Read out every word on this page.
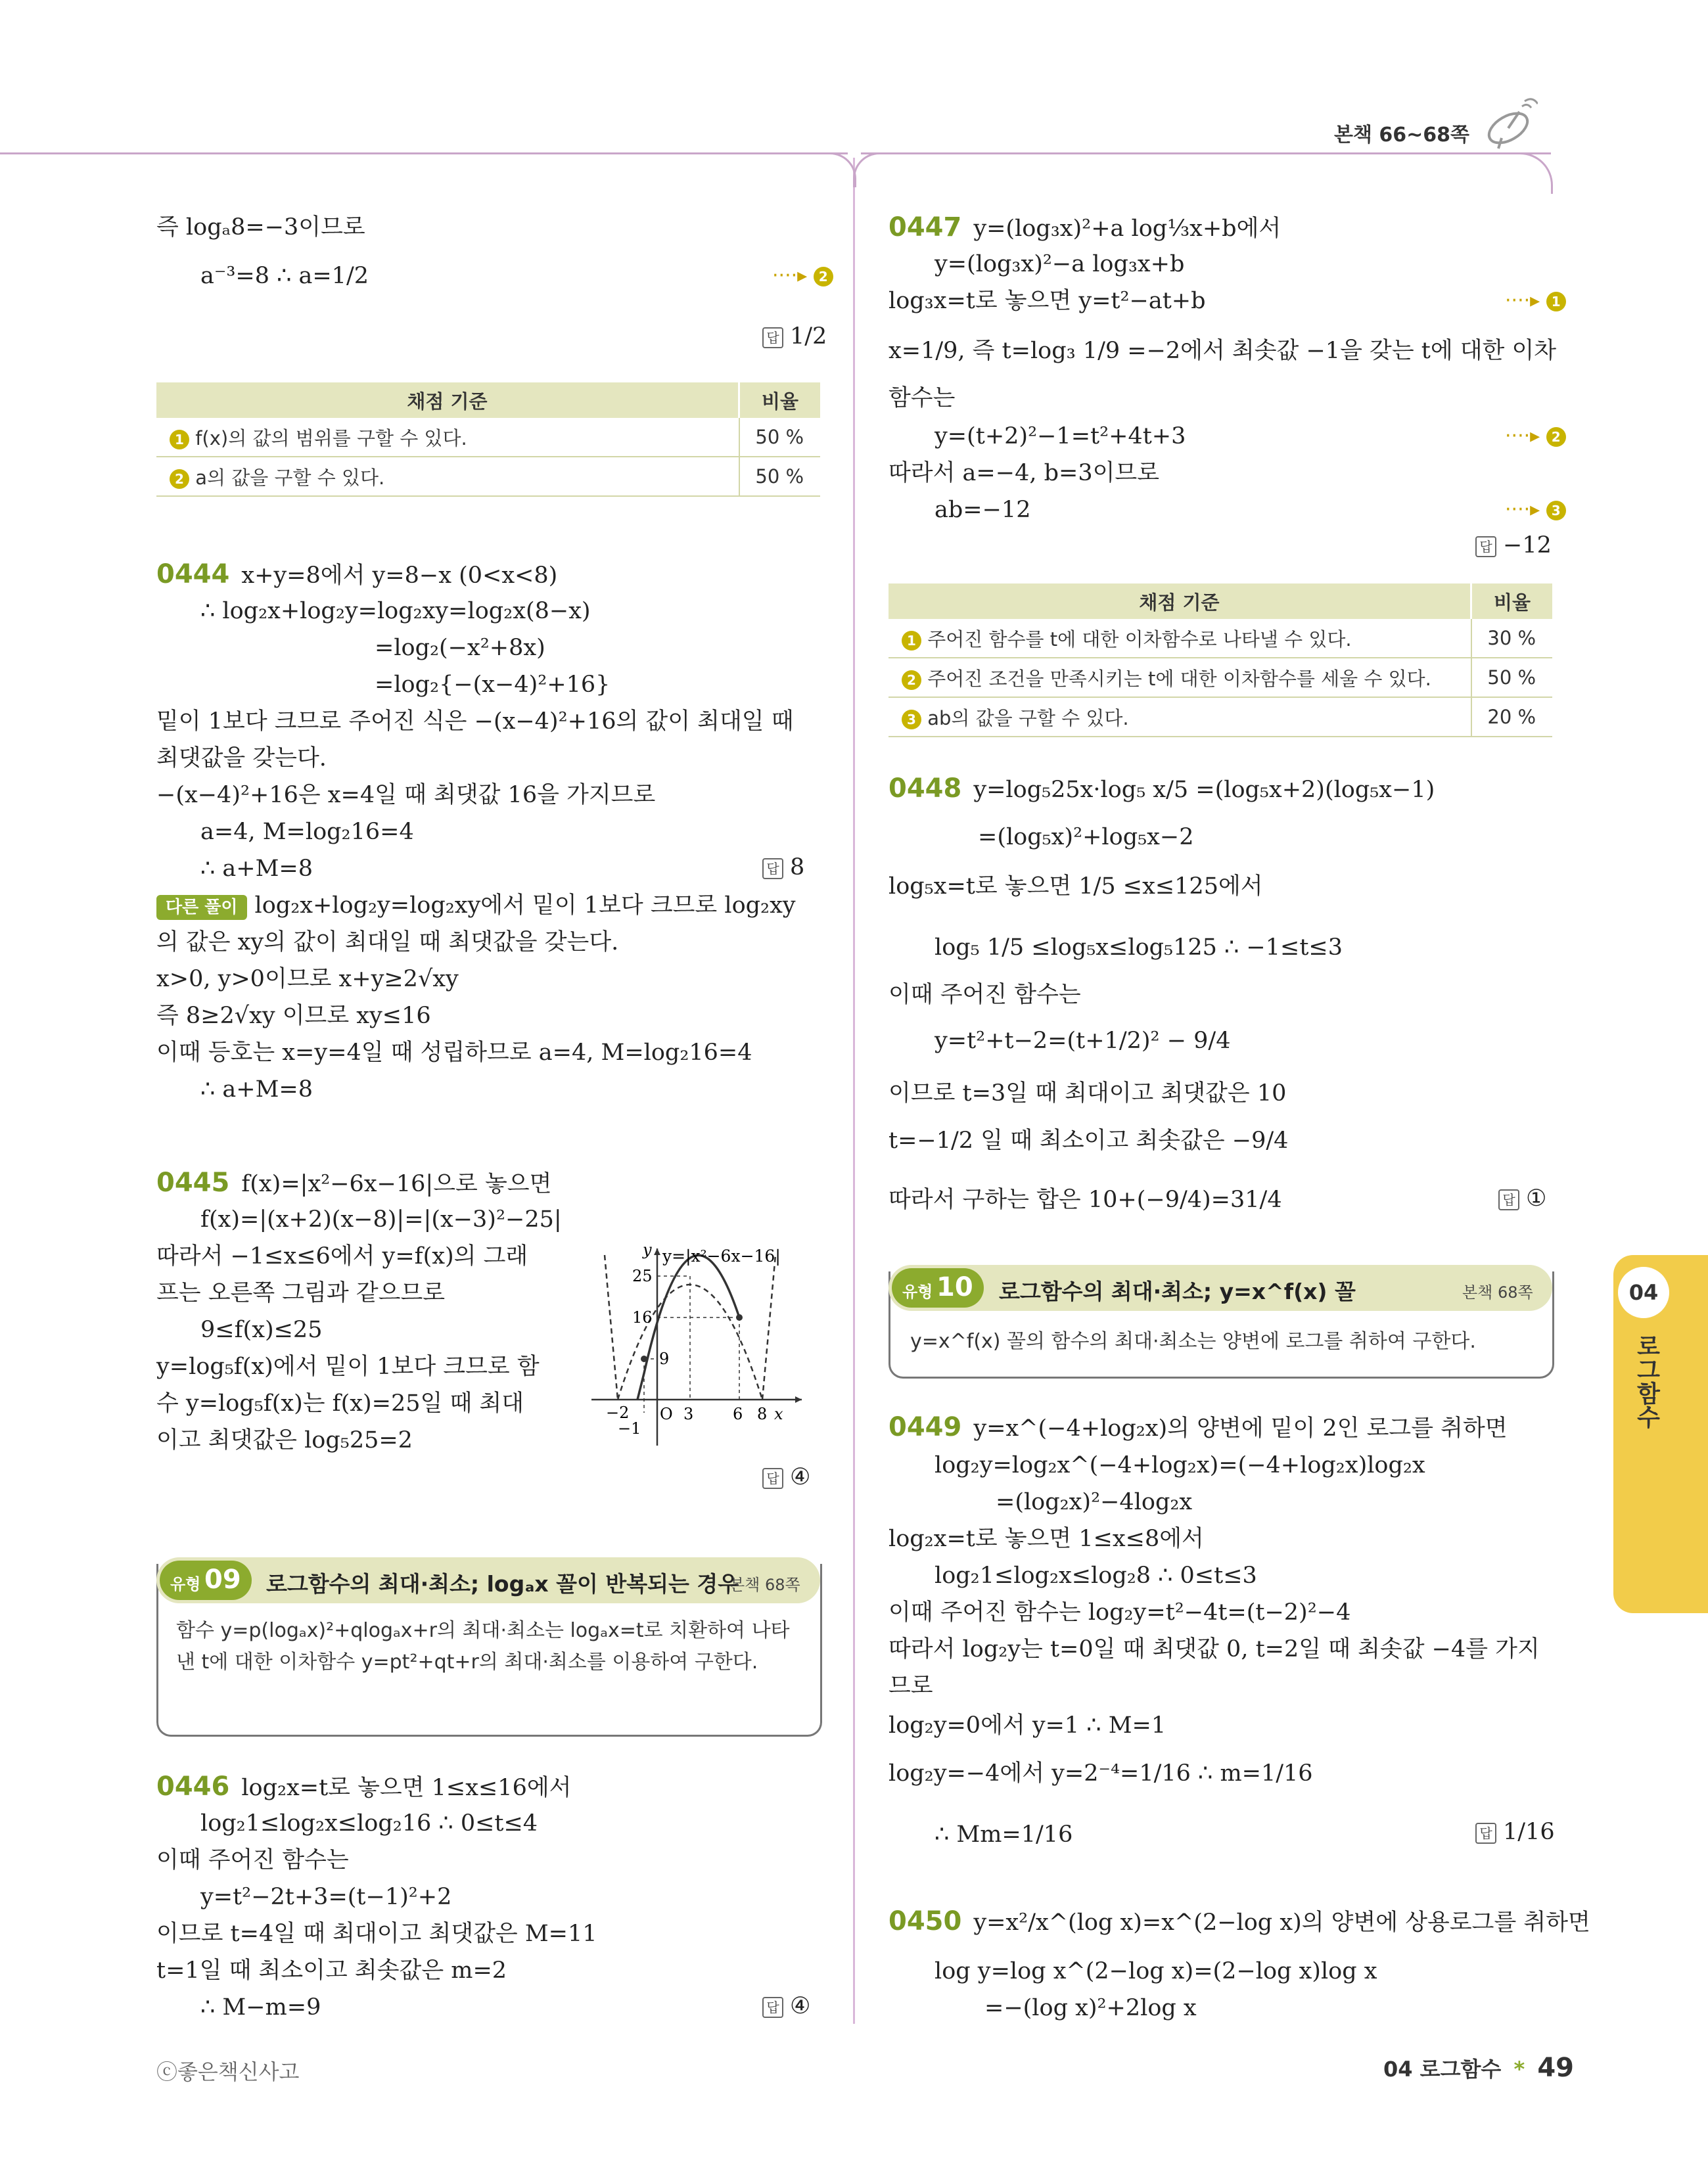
본책 66~68쪽
04
로그함수
즉 logₐ8=−3이므로
a⁻³=8 ∴ a=1/2	····▸ 2
답 1/2
채점 기준	비율
1 f(x)의 값의 범위를 구할 수 있다.	50 %
2 a의 값을 구할 수 있다.	50 %
0444 x+y=8에서 y=8−x (0<x<8)
∴ log₂x+log₂y=log₂xy=log₂x(8−x)
=log₂(−x²+8x)
=log₂{−(x−4)²+16}
밑이 1보다 크므로 주어진 식은 −(x−4)²+16의 값이 최대일 때
최댓값을 갖는다.
−(x−4)²+16은 x=4일 때 최댓값 16을 가지므로
a=4, M=log₂16=4
∴ a+M=8	답 8
다른 풀이 log₂x+log₂y=log₂xy에서 밑이 1보다 크므로 log₂xy
의 값은 xy의 값이 최대일 때 최댓값을 갖는다.
x>0, y>0이므로 x+y≥2√xy
즉 8≥2√xy 이므로 xy≤16
이때 등호는 x=y=4일 때 성립하므로 a=4, M=log₂16=4
∴ a+M=8
0445 f(x)=|x²−6x−16|으로 놓으면
f(x)=|(x+2)(x−8)|=|(x−3)²−25|
따라서 −1≤x≤6에서 y=f(x)의 그래
프는 오른쪽 그림과 같으므로
9≤f(x)≤25
y=log₅f(x)에서 밑이 1보다 크므로 함
수 y=log₅f(x)는 f(x)=25일 때 최대
이고 최댓값은 log₅25=2
답 ④
y y=|x²−6x−16|
25
16
9
−2 O 3 6 8 x
−1
유형 09 로그함수의 최대·최소; logₐx 꼴이 반복되는 경우
본책 68쪽
함수 y=p(logₐx)²+qlogₐx+r의 최대·최소는 logₐx=t로 치환하여 나타낸 t에 대한 이차함수 y=pt²+qt+r의 최대·최소를 이용하여 구한다.
0446 log₂x=t로 놓으면 1≤x≤16에서
log₂1≤log₂x≤log₂16 ∴ 0≤t≤4
이때 주어진 함수는
y=t²−2t+3=(t−1)²+2
이므로 t=4일 때 최대이고 최댓값은 M=11
t=1일 때 최소이고 최솟값은 m=2
∴ M−m=9	답 ④
0447 y=(log₃x)²+a log⅓x+b에서
y=(log₃x)²−a log₃x+b
log₃x=t로 놓으면 y=t²−at+b	····▸ 1
x=1/9, 즉 t=log₃ 1/9 =−2에서 최솟값 −1을 갖는 t에 대한 이차
함수는
y=(t+2)²−1=t²+4t+3	····▸ 2
따라서 a=−4, b=3이므로
ab=−12	····▸ 3
답 −12
채점 기준	비율
1 주어진 함수를 t에 대한 이차함수로 나타낼 수 있다.	30 %
2 주어진 조건을 만족시키는 t에 대한 이차함수를 세울 수 있다.	50 %
3 ab의 값을 구할 수 있다.	20 %
0448 y=log₅25x·log₅ x/5 =(log₅x+2)(log₅x−1)
=(log₅x)²+log₅x−2
log₅x=t로 놓으면 1/5 ≤x≤125에서
log₅ 1/5 ≤log₅x≤log₅125 ∴ −1≤t≤3
이때 주어진 함수는
y=t²+t−2=(t+1/2)² − 9/4
이므로 t=3일 때 최대이고 최댓값은 10
t=−1/2 일 때 최소이고 최솟값은 −9/4
따라서 구하는 합은 10+(−9/4)=31/4	답 ①
유형 10 로그함수의 최대·최소; y=x^f(x) 꼴	본책 68쪽
y=x^f(x) 꼴의 함수의 최대·최소는 양변에 로그를 취하여 구한다.
0449 y=x^(−4+log₂x)의 양변에 밑이 2인 로그를 취하면
log₂y=log₂x^(−4+log₂x)=(−4+log₂x)log₂x
=(log₂x)²−4log₂x
log₂x=t로 놓으면 1≤x≤8에서
log₂1≤log₂x≤log₂8 ∴ 0≤t≤3
이때 주어진 함수는 log₂y=t²−4t=(t−2)²−4
따라서 log₂y는 t=0일 때 최댓값 0, t=2일 때 최솟값 −4를 가지
므로
log₂y=0에서 y=1 ∴ M=1
log₂y=−4에서 y=2⁻⁴=1/16 ∴ m=1/16
∴ Mm=1/16	답 1/16
0450 y=x²/x^(log x)=x^(2−log x)의 양변에 상용로그를 취하면
log y=log x^(2−log x)=(2−log x)log x
=−(log x)²+2log x
ⓒ좋은책신사고	04 로그함수 * 49
